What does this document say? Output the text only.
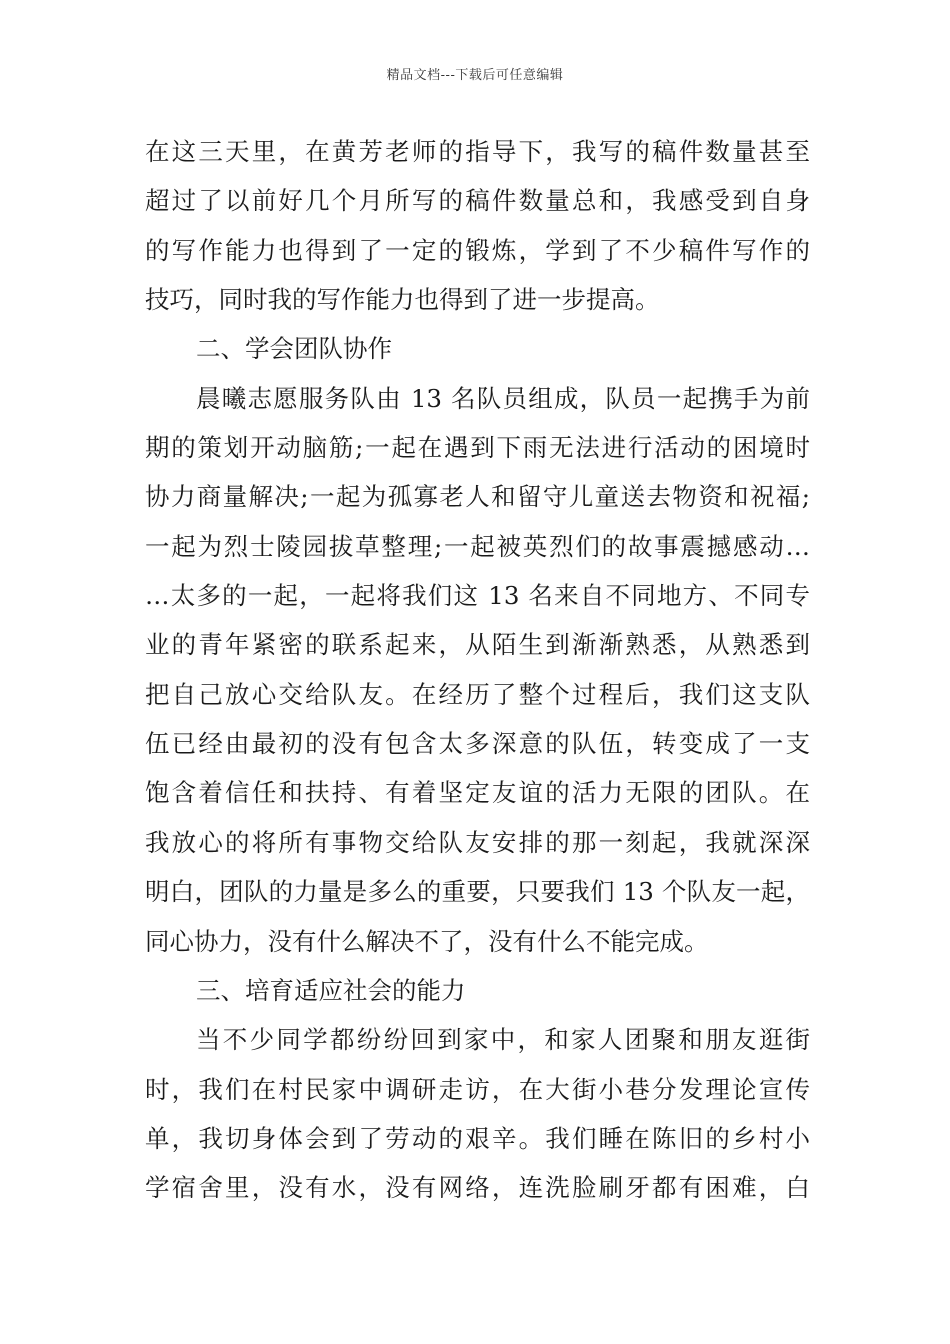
精品文档---下载后可任意编辑
在这三天里，在黄芳老师的指导下，我写的稿件数量甚至
超过了以前好几个月所写的稿件数量总和，我感受到自身
的写作能力也得到了一定的锻炼，学到了不少稿件写作的
技巧，同时我的写作能力也得到了进一步提高。
二、学会团队协作
晨曦志愿服务队由 13 名队员组成，队员一起携手为前
期的策划开动脑筋;一起在遇到下雨无法进行活动的困境时
协力商量解决;一起为孤寡老人和留守儿童送去物资和祝福;
一起为烈士陵园拔草整理;一起被英烈们的故事震撼感动…
…太多的一起，一起将我们这 13 名来自不同地方、不同专
业的青年紧密的联系起来，从陌生到渐渐熟悉，从熟悉到
把自己放心交给队友。在经历了整个过程后，我们这支队
伍已经由最初的没有包含太多深意的队伍，转变成了一支
饱含着信任和扶持、有着坚定友谊的活力无限的团队。在
我放心的将所有事物交给队友安排的那一刻起，我就深深
明白，团队的力量是多么的重要，只要我们 13 个队友一起，
同心协力，没有什么解决不了，没有什么不能完成。
三、培育适应社会的能力
当不少同学都纷纷回到家中，和家人团聚和朋友逛街
时，我们在村民家中调研走访，在大街小巷分发理论宣传
单，我切身体会到了劳动的艰辛。我们睡在陈旧的乡村小
学宿舍里，没有水，没有网络，连洗脸刷牙都有困难，白
